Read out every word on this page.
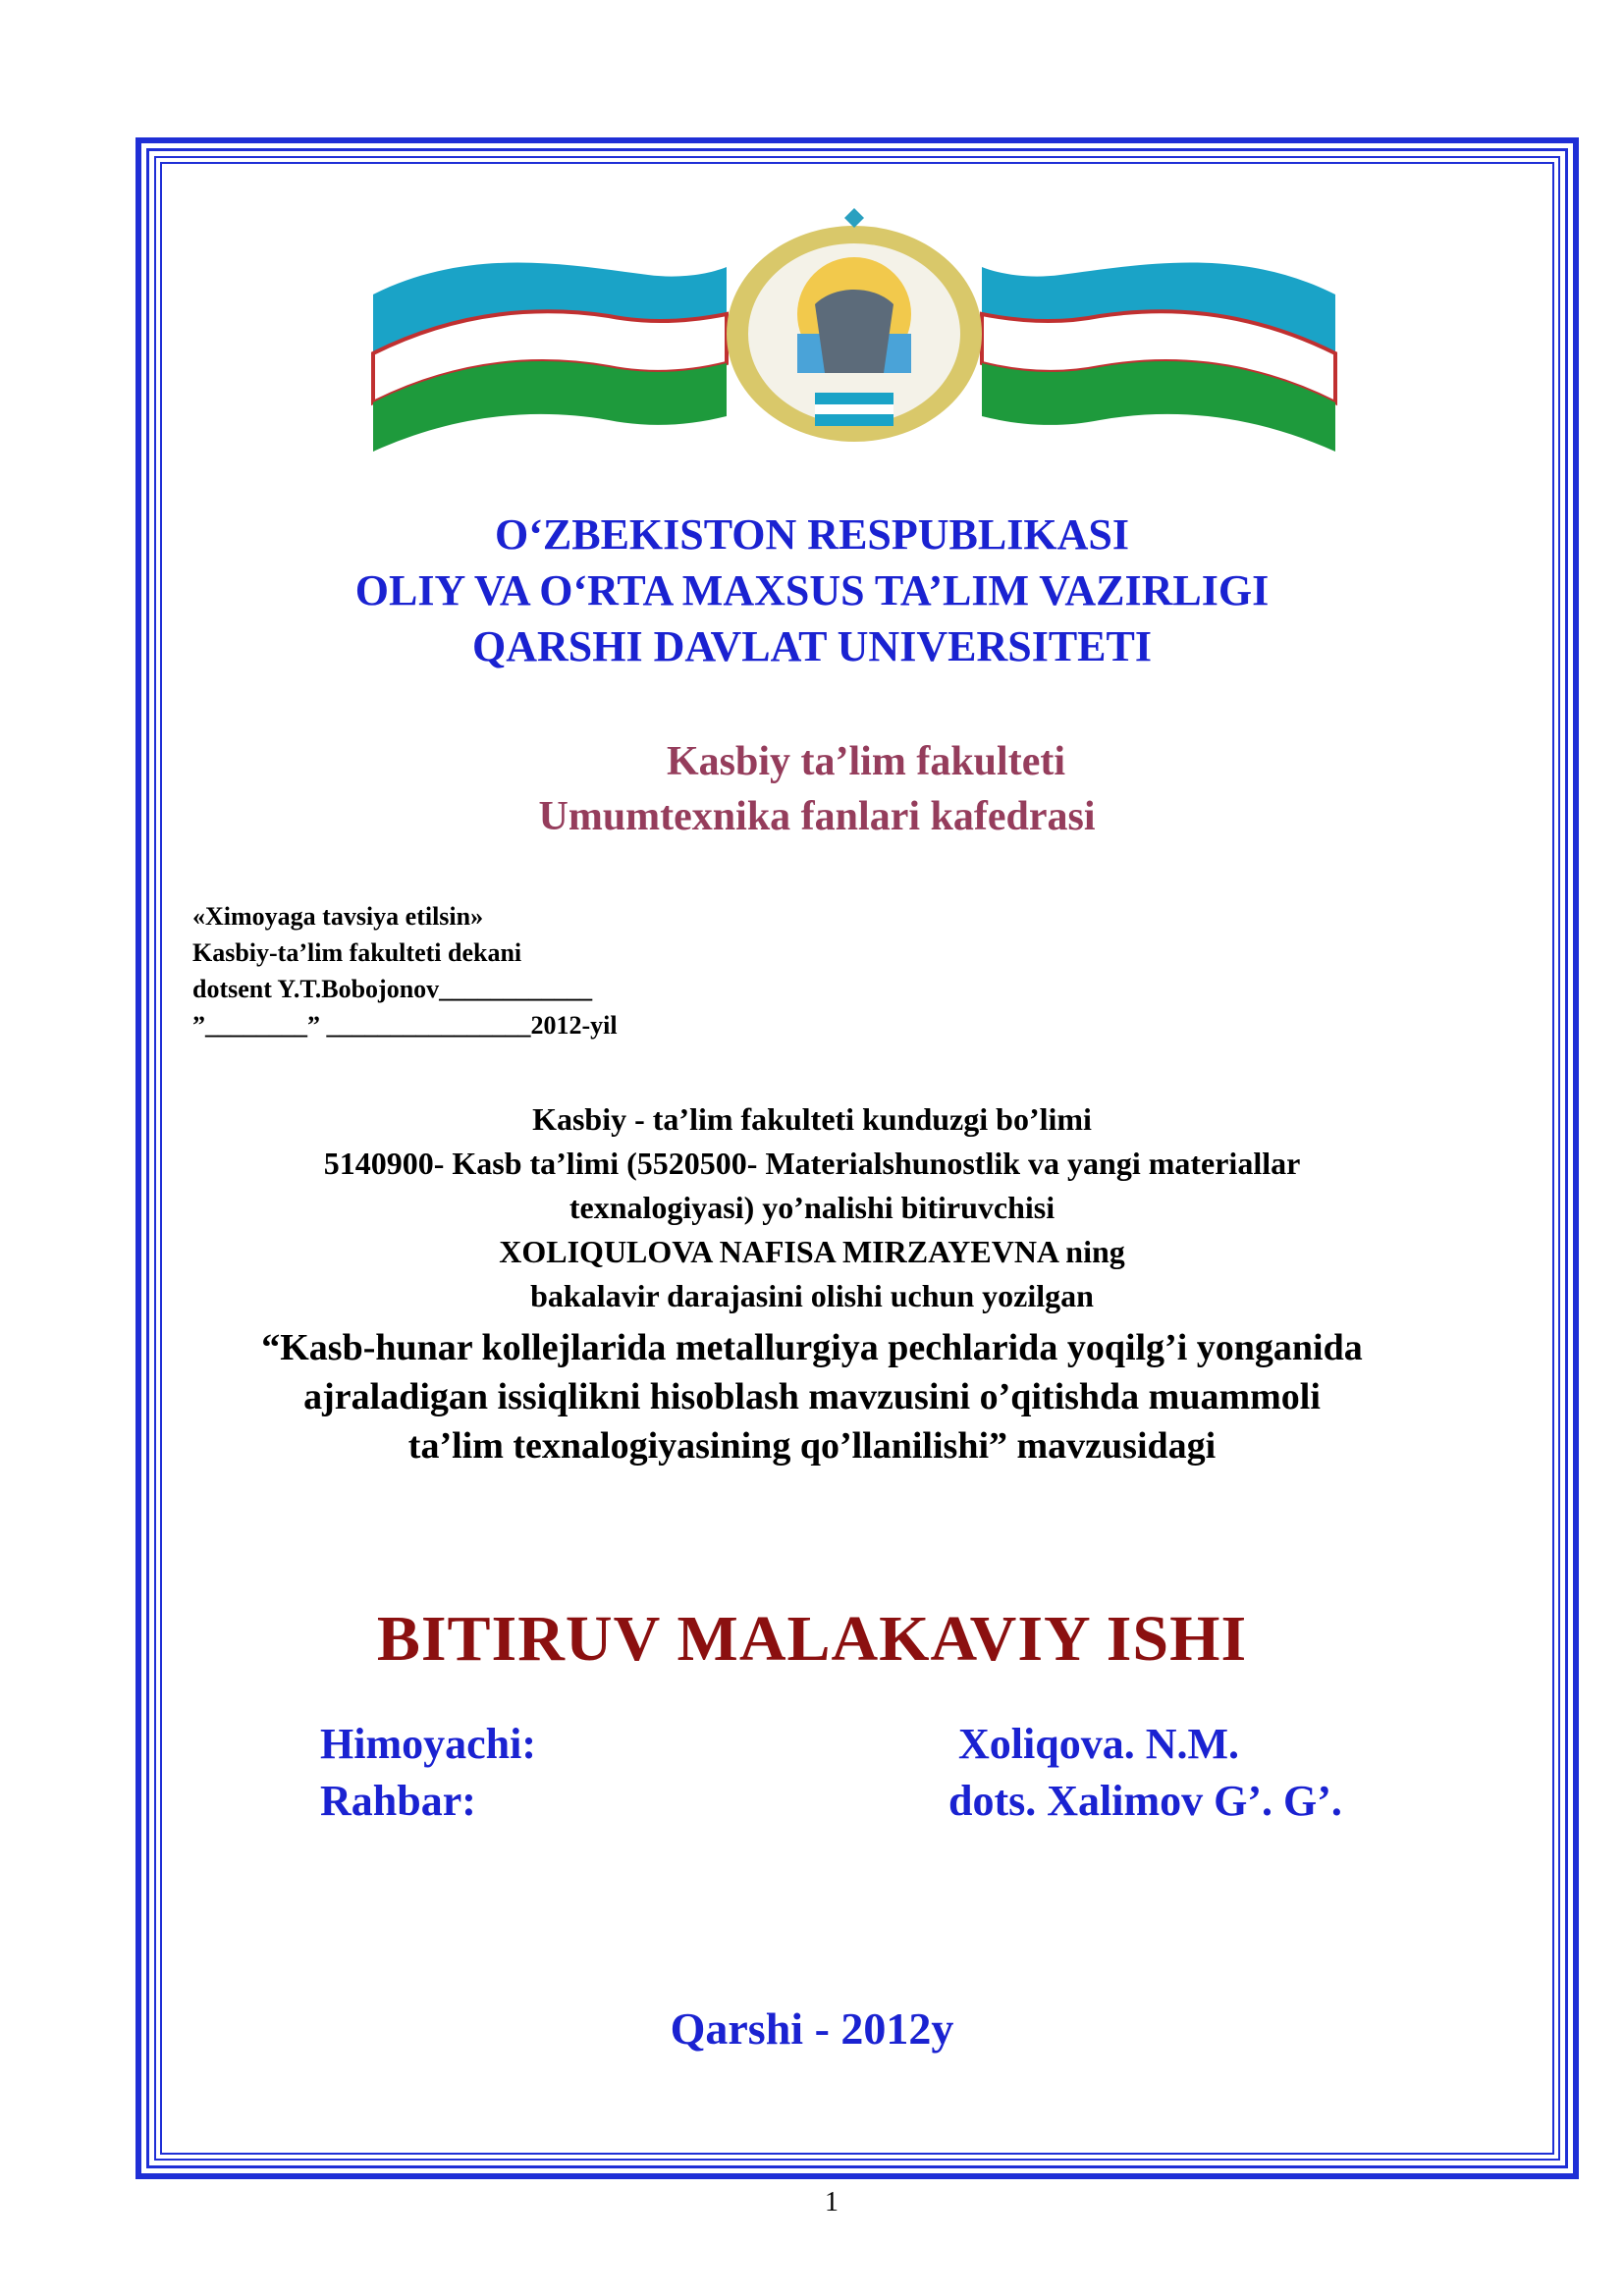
O‘ZBEKISTON RESPUBLIKASI
OLIY VA O‘RTA MAXSUS TA’LIM VAZIRLIGI
QARSHI DAVLAT UNIVERSITETI
Kasbiy ta’lim fakulteti
Umumtexnika fanlari kafedrasi
«Ximoyaga tavsiya etilsin»
Kasbiy-ta’lim fakulteti dekani
dotsent Y.T.Bobojonov____________
”________” ________________2012-yil
Kasbiy - ta’lim fakulteti kunduzgi bo’limi
5140900- Kasb ta’limi (5520500- Materialshunostlik va yangi materiallar
texnalogiyasi) yo’nalishi bitiruvchisi
XOLIQULOVA NAFISA MIRZAYEVNA ning
bakalavir darajasini olishi uchun yozilgan
“Kasb-hunar kollejlarida metallurgiya pechlarida yoqilg’i yonganida
ajraladigan issiqlikni hisoblash mavzusini o’qitishda muammoli
ta’lim texnalogiyasining qo’llanilishi” mavzusidagi
BITIRUV MALAKAVIY ISHI
Himoyachi:	Xoliqova. N.M.
Rahbar:	dots. Xalimov G’. G’.
Qarshi - 2012y
1
